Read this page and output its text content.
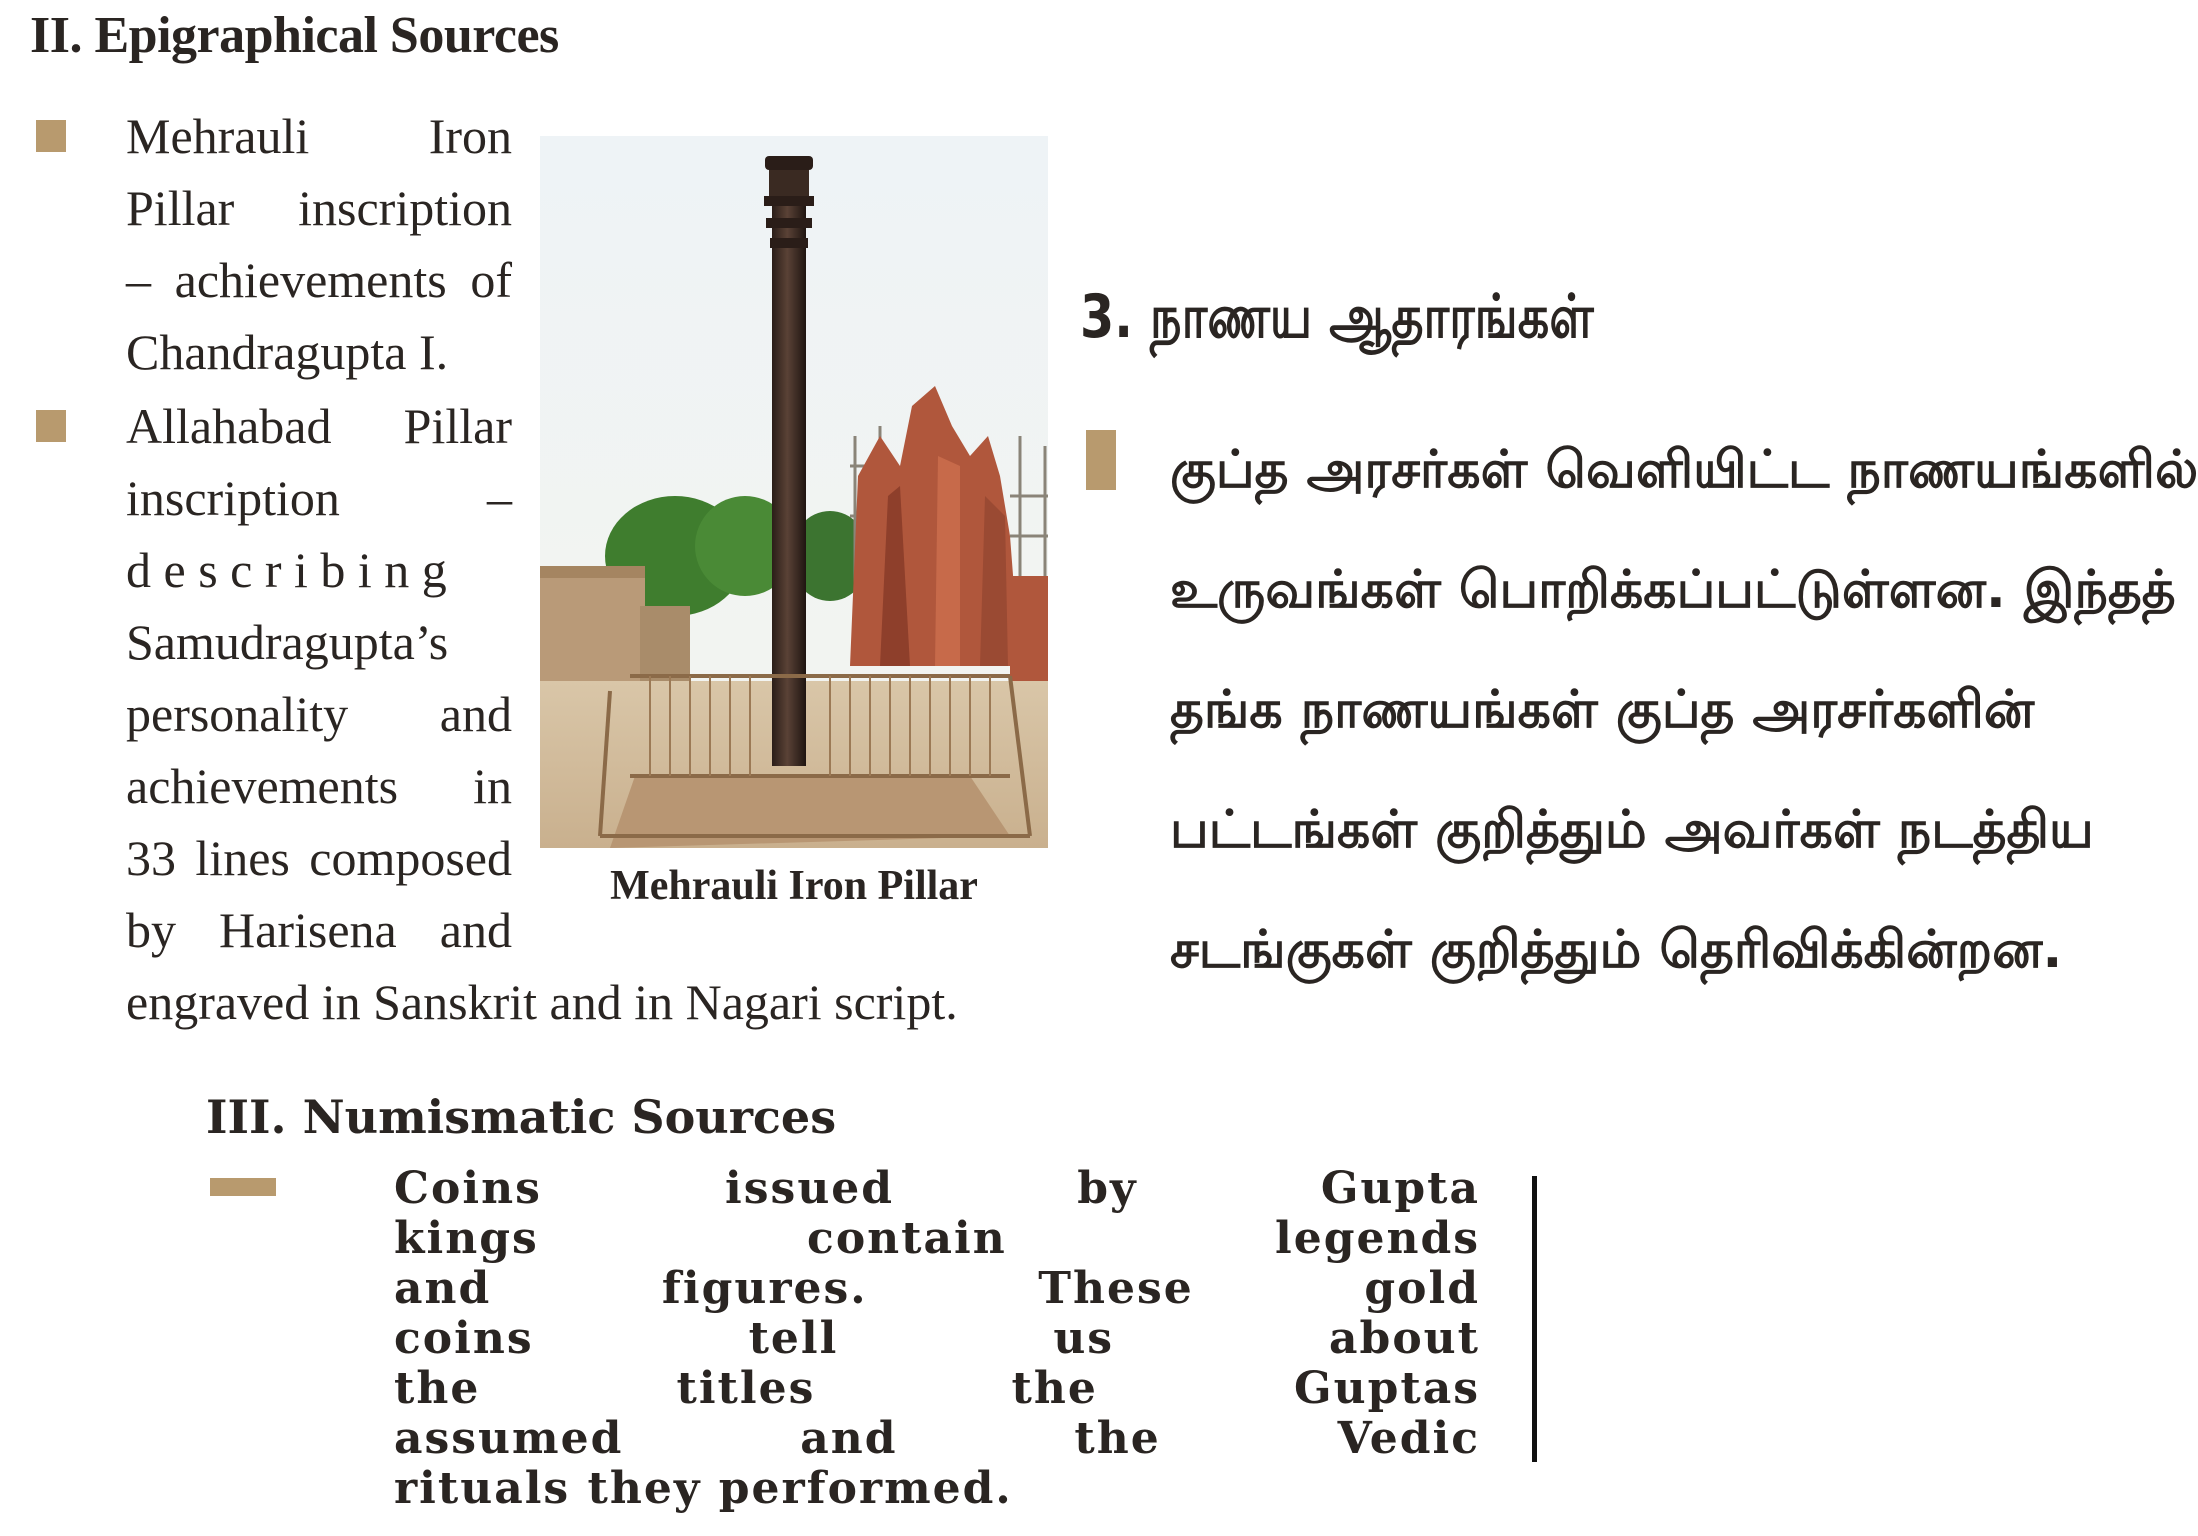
II. Epigraphical Sources
Mehrauli Iron
Pillar inscription
– achievements of
Chandragupta I.
Allahabad Pillar
inscription –
d e s c r i b i n g
Samudragupta’s
personality and
achievements in
33 lines composed
by Harisena and
engraved in Sanskrit and in Nagari script.
Mehrauli Iron Pillar
3. நாணய ஆதாரங்கள்
குப்த அரசர்கள் வெளியிட்ட நாணயங்களில்
உருவங்கள் பொறிக்கப்பட்டுள்ளன. இந்தத்
தங்க நாணயங்கள் குப்த அரசர்களின்
பட்டங்கள் குறித்தும் அவர்கள் நடத்திய
சடங்குகள் குறித்தும் தெரிவிக்கின்றன.
III. Numismatic Sources
Coins issued by Gupta
kings contain legends
and figures. These gold
coins tell us about
the titles the Guptas
assumed and the Vedic
rituals they performed.
